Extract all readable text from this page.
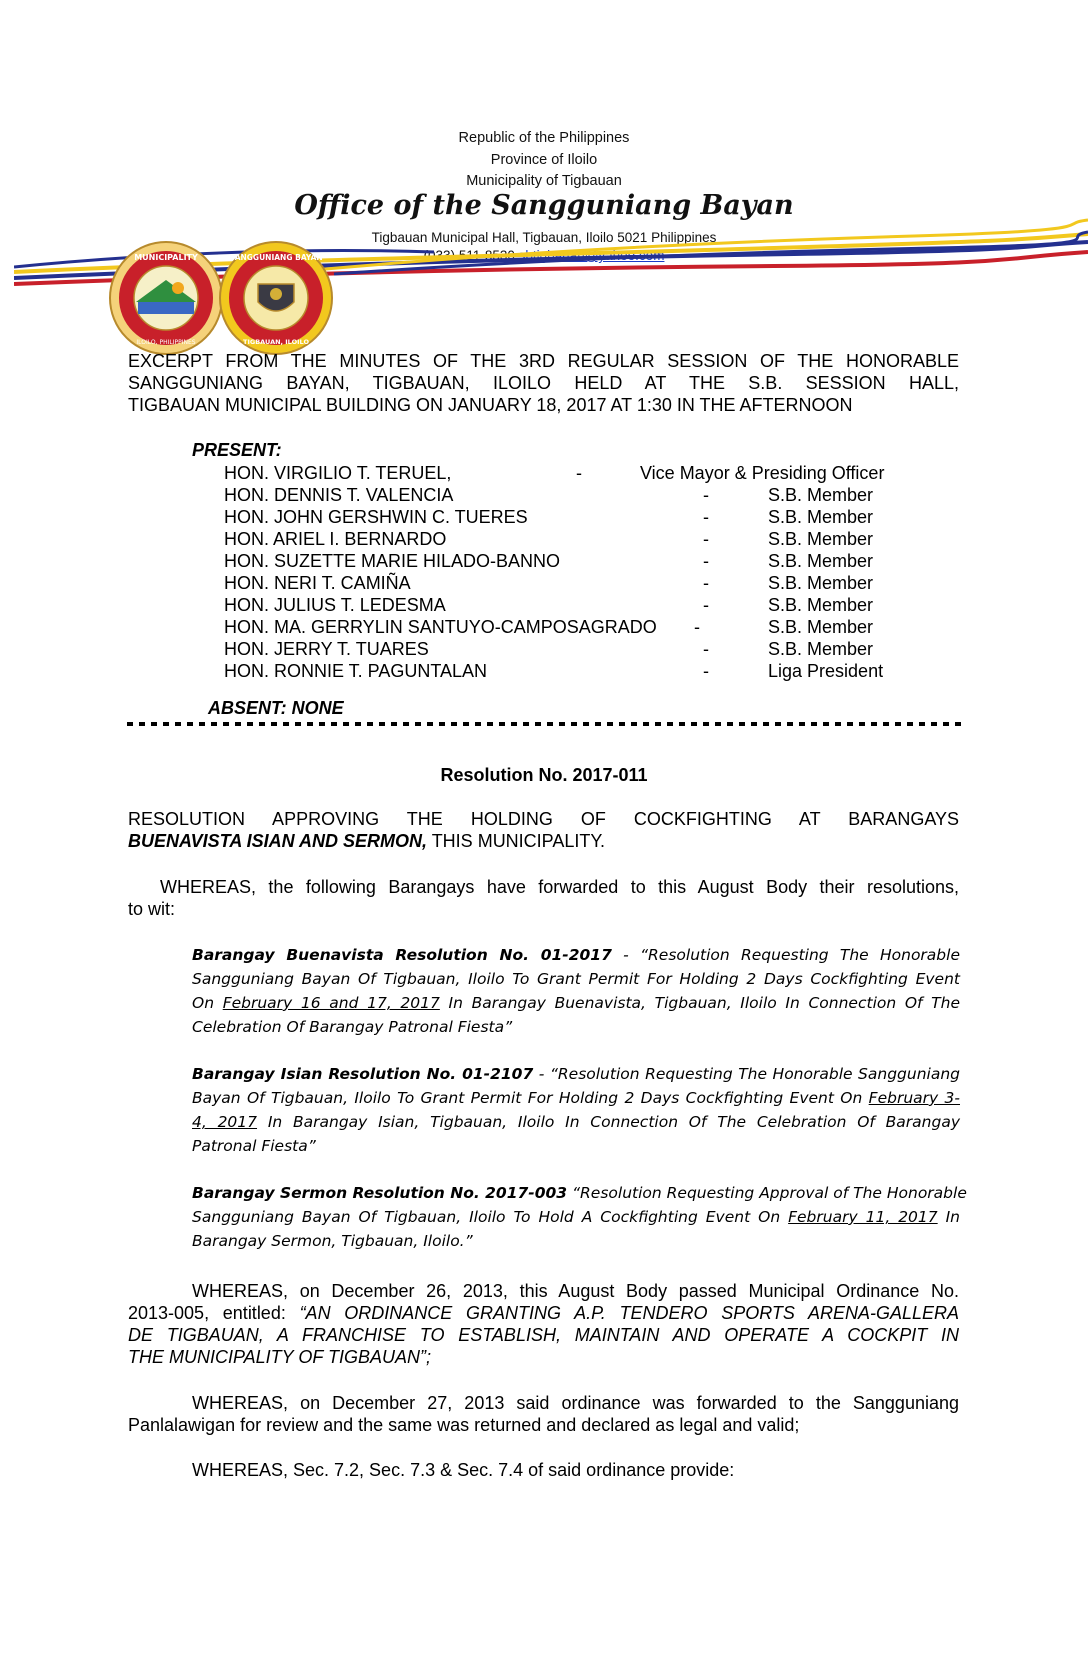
Republic of the Philippines
Province of Iloilo
Municipality of Tigbauan
Office of the Sangguniang Bayan
Tigbauan Municipal Hall, Tigbauan, Iloilo 5021 Philippines
(033) 511-8530 sbtigbauan@yahoo.com
MUNICIPALITY
ILOILO, PHILIPPINES
SANGGUNIANG BAYAN
TIGBAUAN, ILOILO
EXCERPT FROM THE MINUTES OF THE 3RD REGULAR SESSION OF THE HONORABLE
SANGGUNIANG BAYAN, TIGBAUAN, ILOILO HELD AT THE S.B. SESSION HALL,
TIGBAUAN MUNICIPAL BUILDING ON JANUARY 18, 2017 AT 1:30 IN THE AFTERNOON
PRESENT:
HON. VIRGILIO T. TERUEL,	-	Vice Mayor & Presiding Officer
HON. DENNIS T. VALENCIA	-	S.B. Member
HON. JOHN GERSHWIN C. TUERES	-	S.B. Member
HON. ARIEL I. BERNARDO	-	S.B. Member
HON. SUZETTE MARIE HILADO-BANNO	-	S.B. Member
HON. NERI T. CAMIÑA	-	S.B. Member
HON. JULIUS T. LEDESMA	-	S.B. Member
HON. MA. GERRYLIN SANTUYO-CAMPOSAGRADO -	S.B. Member
HON. JERRY T. TUARES	-	S.B. Member
HON. RONNIE T. PAGUNTALAN	-	Liga President
ABSENT: NONE
Resolution No. 2017-011
RESOLUTION APPROVING THE HOLDING OF COCKFIGHTING AT BARANGAYS
BUENAVISTA ISIAN AND SERMON, THIS MUNICIPALITY.
WHEREAS, the following Barangays have forwarded to this August Body their resolutions,
to wit:
Barangay Buenavista Resolution No. 01-2017 - “Resolution Requesting The Honorable
Sangguniang Bayan Of Tigbauan, Iloilo To Grant Permit For Holding 2 Days Cockfighting Event
On February 16 and 17, 2017 In Barangay Buenavista, Tigbauan, Iloilo In Connection Of The
Celebration Of Barangay Patronal Fiesta”
Barangay Isian Resolution No. 01-2107 - “Resolution Requesting The Honorable Sangguniang
Bayan Of Tigbauan, Iloilo To Grant Permit For Holding 2 Days Cockfighting Event On February 3-
4, 2017 In Barangay Isian, Tigbauan, Iloilo In Connection Of The Celebration Of Barangay
Patronal Fiesta”
Barangay Sermon Resolution No. 2017-003 “Resolution Requesting Approval of The Honorable
Sangguniang Bayan Of Tigbauan, Iloilo To Hold A Cockfighting Event On February 11, 2017 In
Barangay Sermon, Tigbauan, Iloilo.”
WHEREAS, on December 26, 2013, this August Body passed Municipal Ordinance No.
2013-005, entitled: “AN ORDINANCE GRANTING A.P. TENDERO SPORTS ARENA-GALLERA
DE TIGBAUAN, A FRANCHISE TO ESTABLISH, MAINTAIN AND OPERATE A COCKPIT IN
THE MUNICIPALITY OF TIGBAUAN”;
WHEREAS, on December 27, 2013 said ordinance was forwarded to the Sangguniang
Panlalawigan for review and the same was returned and declared as legal and valid;
WHEREAS, Sec. 7.2, Sec. 7.3 & Sec. 7.4 of said ordinance provide:
